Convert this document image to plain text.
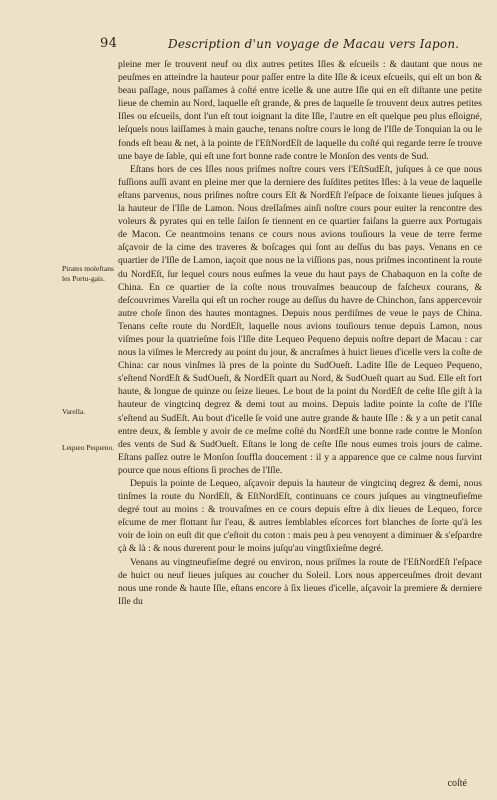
94	Description d'un voyage de Macau vers Iapon.
Pirates moleftans les Portu-gais.
Varella.
Lequeo Pequeno.

pleine mer ſe trouvent neuf ou dix autres petites Iſles & eſcueils : & dautant que nous ne peuſmes en atteindre la hauteur pour paſſer entre la dite Iſle & iceux eſcueils, qui eſt un bon & beau paſſage, nous paſſames à coſté entre icelle & une autre Iſle qui en eſt diſtante une petite lieue de chemin au Nord, laquelle eſt grande, & pres de laquelle ſe trouvent deux autres petites Iſles ou eſcueils, dont l'un eſt tout ioignant la dite Iſle, l'autre en eſt quelque peu plus eſloigné, leſquels nous laiſſames à main gauche, tenans noſtre cours le long de l'Iſle de Tonquian la ou le fonds eſt beau & net, à la pointe de l'EſtNordEſt de laquelle du coſté qui regarde terre ſe trouve une baye de ſable, qui eſt une fort bonne rade contre le Monſon des vents de Sud.

Eſtans hors de ces Iſles nous priſmes noſtre cours vers l'EſtSudEſt, juſques à ce que nous fuſſions auſſi avant en pleine mer que la derniere des ſuſdites petites Iſles: à la veue de laquelle eſtans parvenus, nous priſmes noſtre cours Eſt & NordEſt l'eſpace de ſoixante lieues juſques à la hauteur de l'Iſle de Lamon. Nous dreſſaſmes ainſi noſtre cours pour euiter la rencontre des voleurs & pyrates qui en telle ſaiſon ſe tiennent en ce quartier faiſans la guerre aux Portugais de Macon. Ce neantmoins tenans ce cours nous avions touſiours la veue de terre ferme aſçavoir de la cime des traveres & boſcages qui ſont au deſſus du bas pays. Venans en ce quartier de l'Iſle de Lamon, iaçoit que nous ne la viſſions pas, nous priſmes incontinent la route du NordEſt, ſur lequel cours nous euſmes la veue du haut pays de Chabaquon en la coſte de China. En ce quartier de la coſte nous trouvaſmes beaucoup de faſcheux courans, & deſcouvrimes Varella qui eſt un rocher rouge au deſſus du havre de Chinchon, ſans appercevoir autre choſe ſinon des hautes montagnes. Depuis nous perdiſmes de veue le pays de China. Tenans ceſte route du NordEſt, laquelle nous avions touſiours tenue depuis Lamon, nous viſmes pour la quatrieſme fois l'Iſle dite Lequeo Pequeno depuis noſtre depart de Macau : car nous la viſmes le Mercredy au point du jour, & ancraſmes à huict lieues d'icelle vers la coſte de China: car nous vinſmes là pres de la pointe du SudOueſt. Ladite Iſle de Lequeo Pequeno, s'eſtend NordEſt & SudOueſt, & NordEſt quart au Nord, & SudOueſt quart au Sud. Elle eſt fort haute, & longue de quinze ou ſeize lieues. Le bout de la point du NordEſt de ceſte Iſle giſt à la hauteur de vingtcinq degrez & demi tout au moins. Depuis ladite pointe la coſte de l'Iſle s'eſtend au SudEſt. Au bout d'icelle ſe void une autre grande & haute Iſle : & y a un petit canal entre deux, & ſemble y avoir de ce meſme coſté du NordEſt une bonne rade contre le Monſon des vents de Sud & SudOueſt. Eſtans le long de ceſte Iſle nous eumes trois jours de calme. Eſtans paſſez outre le Monſon ſouffla doucement : il y a apparence que ce calme nous ſurvint pource que nous eſtions ſi proches de l'Iſle.

Depuis la pointe de Lequeo, aſçavoir depuis la hauteur de vingtcinq degrez & demi, nous tinſmes la route du NordEſt, & EſtNordEſt, continuans ce cours juſques au vingtneufieſme degré tout au moins : & trouvaſmes en ce cours depuis eſtre à dix lieues de Lequeo, force eſcume de mer flottant ſur l'eau, & autres ſemblables eſcorces fort blanches de ſorte qu'à les voir de loin on euſt dit que c'eſtoit du coton : mais peu à peu venoyent a diminuer & s'eſpardre çà & là : & nous durerent pour le moins juſqu'au vingtſixieſme degré.

Venans au vingtneufieſme degré ou environ, nous priſmes la route de l'EſtNordEſt l'eſpace de huict ou neuf lieues juſques au coucher du Soleil. Lors nous apperceuſmes droit devant nous une ronde & haute Iſle, eſtans encore à ſix lieues d'icelle, aſçavoir la premiere & derniere Iſle du

coſté
